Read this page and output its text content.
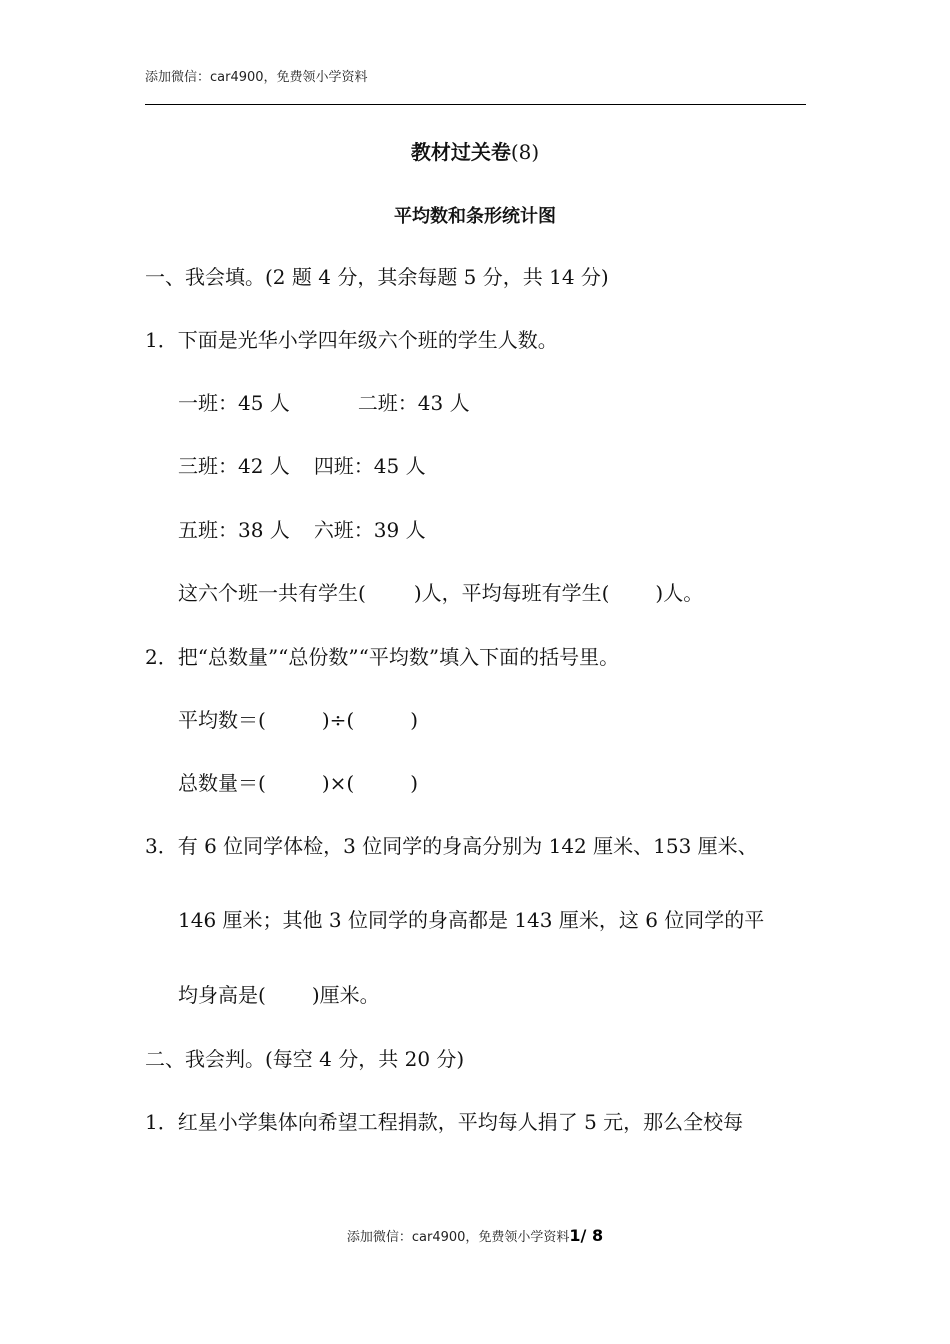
添加微信：car4900，免费领小学资料
教材过关卷(8)
平均数和条形统计图
一、我会填。(2 题 4 分，其余每题 5 分，共 14 分)
1．下面是光华小学四年级六个班的学生人数。
一班：45 人	二班：43 人
三班：42 人 四班：45 人
五班：38 人 六班：39 人
这六个班一共有学生( )人，平均每班有学生( )人。
2．把“总数量”“总份数”“平均数”填入下面的括号里。
平均数＝(	)÷(	)
总数量＝(	)×(	)
3．有 6 位同学体检，3 位同学的身高分别为 142 厘米、153 厘米、
146 厘米；其他 3 位同学的身高都是 143 厘米，这 6 位同学的平
均身高是( )厘米。
二、我会判。(每空 4 分，共 20 分)
1．红星小学集体向希望工程捐款，平均每人捐了 5 元，那么全校每
添加微信：car4900，免费领小学资料1/ 8
